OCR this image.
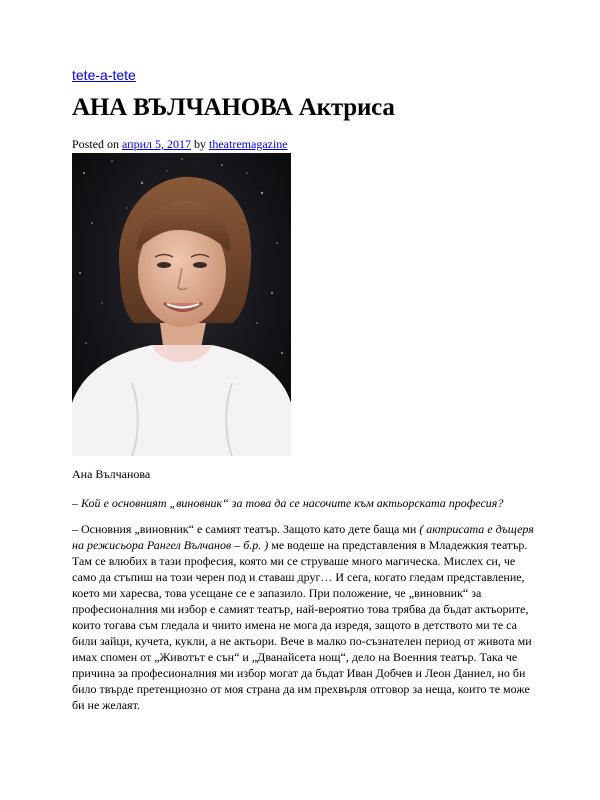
tete-a-tete
АНА ВЪЛЧАНОВА Актриса
Posted on април 5, 2017 by theatremagazine
Ана Вълчанова
– Кой е основният „виновник“ за това да се насочите към актьорската професия?

– Основния „виновник“ е самият театър. Защото като дете баща ми ( актрисата е дъщеря на режисьора Рангел Вълчанов – б.р. ) ме водеше на представления в Младежкия театър. Там се влюбих в тази професия, която ми се струваше много магическа. Мислех си, че само да стъпиш на този черен под и ставаш друг… И сега, когато гледам представление, което ми харесва, това усещане се е запазило. При положение, че „виновник“ за професионалния ми избор е самият театър, най-вероятно това трябва да бъдат актьорите, които тогава съм гледала и чиито имена не мога да изредя, защото в детството ми те са били зайци, кучета, кукли, а не актьори. Вече в малко по-съзнателен период от живота ми имах спомен от „Животът е сън“ и „Дванайсета нощ“, дело на Военния театър. Така че причина за професионалния ми избор могат да бъдат Иван Добчев и Леон Даниел, но би било твърде претенциозно от моя страна да им прехвърля отговор за неща, които те може би не желаят.
